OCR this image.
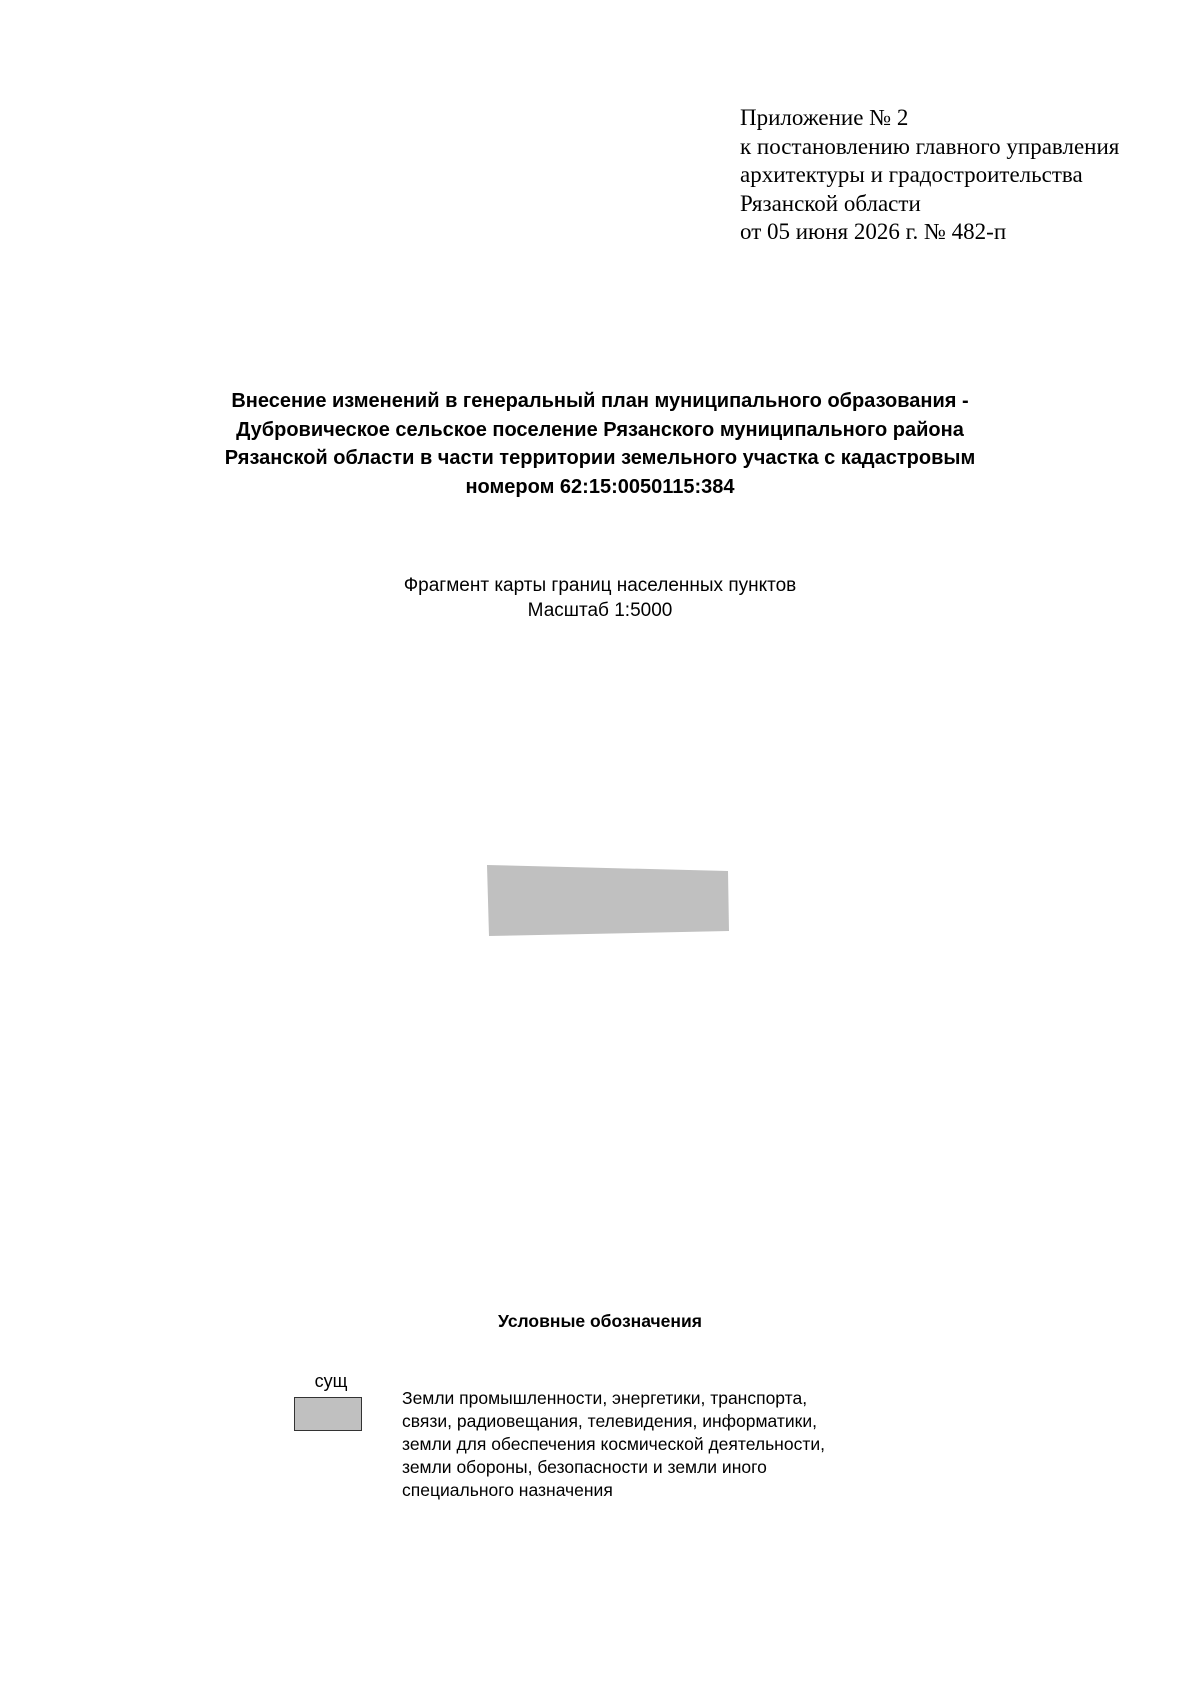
Приложение № 2
к постановлению главного управления
архитектуры и градостроительства
Рязанской области
от 05 июня 2026 г. № 482-п
Внесение изменений в генеральный план муниципального образования -
Дубровическое сельское поселение Рязанского муниципального района
Рязанской области в части территории земельного участка с кадастровым
номером 62:15:0050115:384
Фрагмент карты границ населенных пунктов
Масштаб 1:5000
Условные обозначения
сущ
Земли промышленности, энергетики, транспорта,
связи, радиовещания, телевидения, информатики,
земли для обеспечения космической деятельности,
земли обороны, безопасности и земли иного
специального назначения
